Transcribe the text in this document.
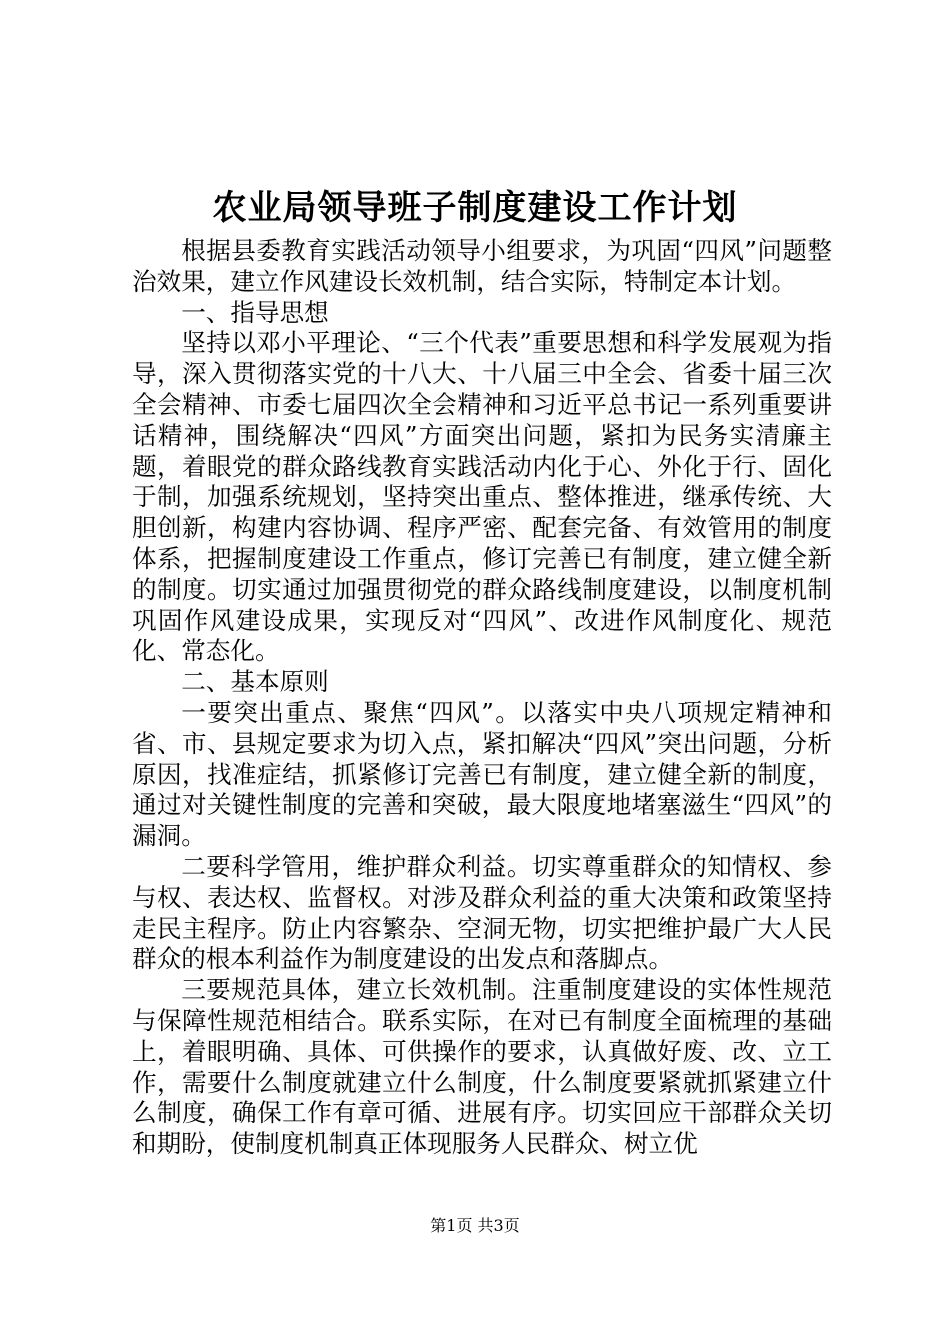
农业局领导班子制度建设工作计划

根据县委教育实践活动领导小组要求，为巩固“四风”问题整治效果，建立作风建设长效机制，结合实际，特制定本计划。

一、指导思想

坚持以邓小平理论、“三个代表”重要思想和科学发展观为指导，深入贯彻落实党的十八大、十八届三中全会、省委十届三次全会精神、市委七届四次全会精神和习近平总书记一系列重要讲话精神，围绕解决“四风”方面突出问题，紧扣为民务实清廉主题，着眼党的群众路线教育实践活动内化于心、外化于行、固化于制，加强系统规划，坚持突出重点、整体推进，继承传统、大胆创新，构建内容协调、程序严密、配套完备、有效管用的制度体系，把握制度建设工作重点，修订完善已有制度，建立健全新的制度。切实通过加强贯彻党的群众路线制度建设，以制度机制巩固作风建设成果，实现反对“四风”、改进作风制度化、规范化、常态化。

二、基本原则

一要突出重点、聚焦“四风”。以落实中央八项规定精神和省、市、县规定要求为切入点，紧扣解决“四风”突出问题，分析原因，找准症结，抓紧修订完善已有制度，建立健全新的制度，通过对关键性制度的完善和突破，最大限度地堵塞滋生“四风”的漏洞。

二要科学管用，维护群众利益。切实尊重群众的知情权、参与权、表达权、监督权。对涉及群众利益的重大决策和政策坚持走民主程序。防止内容繁杂、空洞无物，切实把维护最广大人民群众的根本利益作为制度建设的出发点和落脚点。

三要规范具体，建立长效机制。注重制度建设的实体性规范与保障性规范相结合。联系实际，在对已有制度全面梳理的基础上，着眼明确、具体、可供操作的要求，认真做好废、改、立工作，需要什么制度就建立什么制度，什么制度要紧就抓紧建立什么制度，确保工作有章可循、进展有序。切实回应干部群众关切和期盼，使制度机制真正体现服务人民群众、树立优

第1页 共3页
